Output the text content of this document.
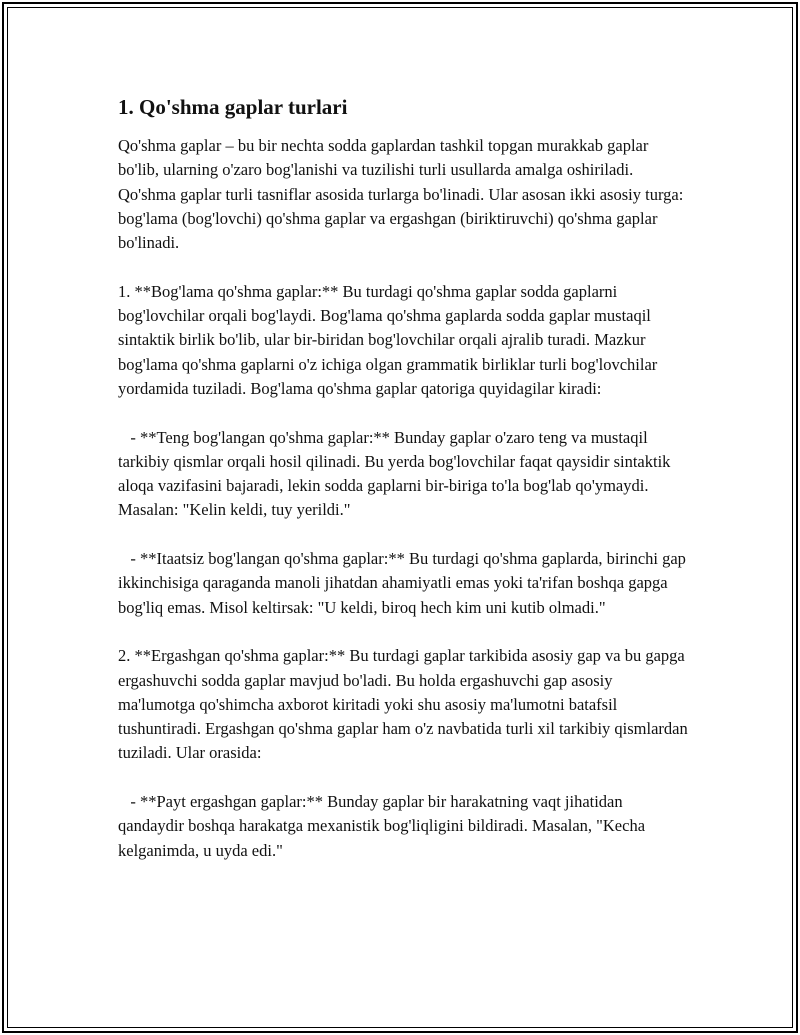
1. Qo'shma gaplar turlari

Qo'shma gaplar – bu bir nechta sodda gaplardan tashkil topgan murakkab gaplar bo'lib, ularning o'zaro bog'lanishi va tuzilishi turli usullarda amalga oshiriladi. Qo'shma gaplar turli tasniflar asosida turlarga bo'linadi. Ular asosan ikki asosiy turga: bog'lama (bog'lovchi) qo'shma gaplar va ergashgan (biriktiruvchi) qo'shma gaplar bo'linadi.

1. **Bog'lama qo'shma gaplar:** Bu turdagi qo'shma gaplar sodda gaplarni bog'lovchilar orqali bog'laydi. Bog'lama qo'shma gaplarda sodda gaplar mustaqil sintaktik birlik bo'lib, ular bir-biridan bog'lovchilar orqali ajralib turadi. Mazkur bog'lama qo'shma gaplarni o'z ichiga olgan grammatik birliklar turli bog'lovchilar yordamida tuziladi. Bog'lama qo'shma gaplar qatoriga quyidagilar kiradi:

- **Teng bog'langan qo'shma gaplar:** Bunday gaplar o'zaro teng va mustaqil tarkibiy qismlar orqali hosil qilinadi. Bu yerda bog'lovchilar faqat qaysidir sintaktik aloqa vazifasini bajaradi, lekin sodda gaplarni bir-biriga to'la bog'lab qo'ymaydi. Masalan: "Kelin keldi, tuy yerildi."

- **Itaatsiz bog'langan qo'shma gaplar:** Bu turdagi qo'shma gaplarda, birinchi gap ikkinchisiga qaraganda manoli jihatdan ahamiyatli emas yoki ta'rifan boshqa gapga bog'liq emas. Misol keltirsak: "U keldi, biroq hech kim uni kutib olmadi."

2. **Ergashgan qo'shma gaplar:** Bu turdagi gaplar tarkibida asosiy gap va bu gapga ergashuvchi sodda gaplar mavjud bo'ladi. Bu holda ergashuvchi gap asosiy ma'lumotga qo'shimcha axborot kiritadi yoki shu asosiy ma'lumotni batafsil tushuntiradi. Ergashgan qo'shma gaplar ham o'z navbatida turli xil tarkibiy qismlardan tuziladi. Ular orasida:

- **Payt ergashgan gaplar:** Bunday gaplar bir harakatning vaqt jihatidan qandaydir boshqa harakatga mexanistik bog'liqligini bildiradi. Masalan, "Kecha kelganimda, u uyda edi."
